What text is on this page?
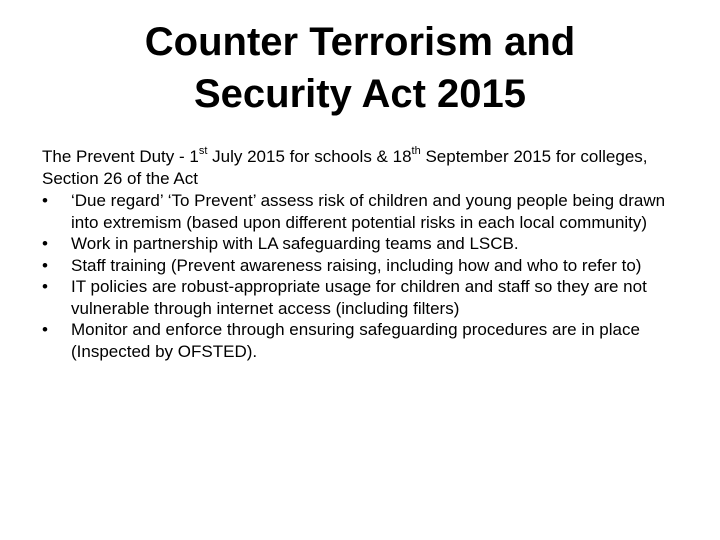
Counter Terrorism and
Security Act 2015

The Prevent Duty - 1st July 2015 for schools & 18th September 2015 for colleges, Section 26 of the Act

•	‘Due regard’ ‘To Prevent’ assess risk of children and young people being drawn into extremism (based upon different potential risks in each local community)
•	Work in partnership with LA safeguarding teams and LSCB.
•	Staff training (Prevent awareness raising, including how and who to refer to)
•	IT policies are robust-appropriate usage for children and staff so they are not vulnerable through internet access (including filters)
•	Monitor and enforce through ensuring safeguarding procedures are in place (Inspected by OFSTED).
